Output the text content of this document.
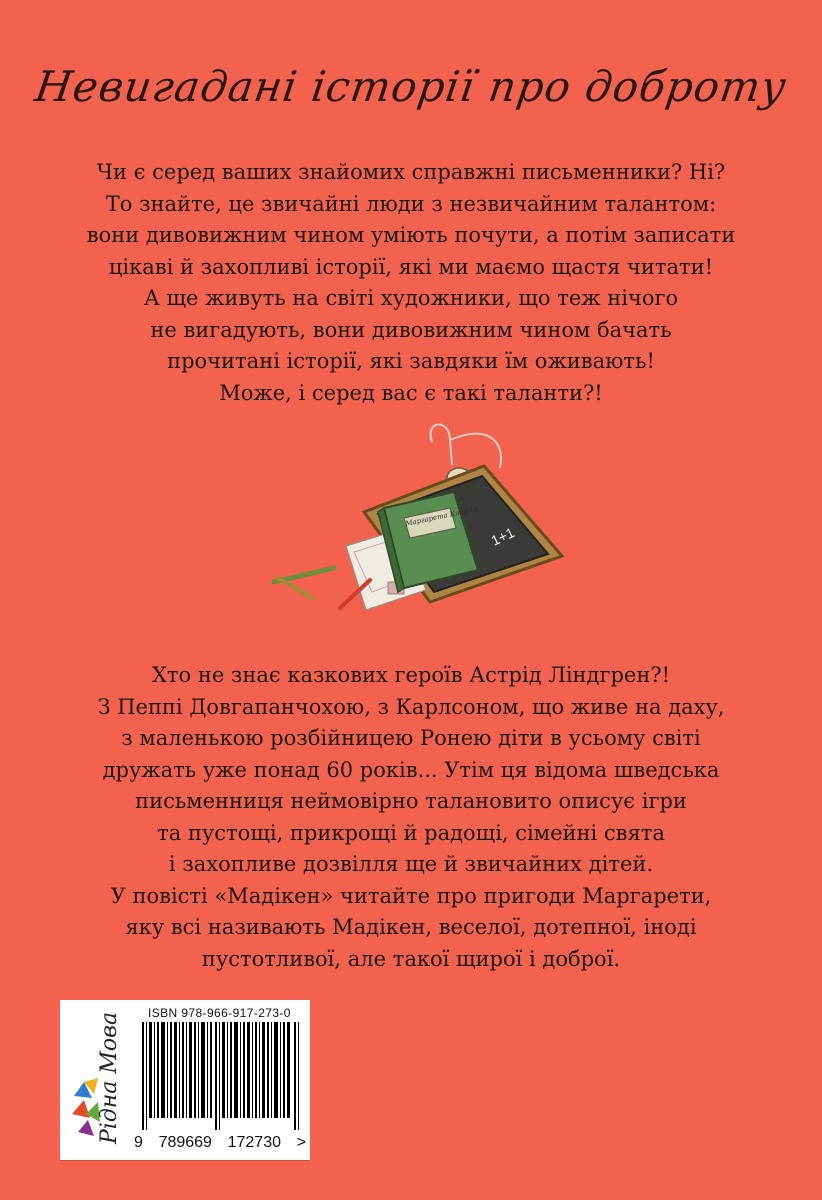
Невигадані історії про доброту
Чи є серед ваших знайомих справжні письменники? Ні?
То знайте, це звичайні люди з незвичайним талантом:
вони дивовижним чином уміють почути, а потім записати
цікаві й захопливі історії, які ми маємо щастя читати!
А ще живуть на світі художники, що теж нічого
не вигадують, вони дивовижним чином бачать
прочитані історії, які завдяки їм оживають!
Може, і серед вас є такі таланти?!
1+1
Маргарета Клас 1а
Хто не знає казкових героїв Астрід Ліндгрен?!
З Пеппі Довгапанчохою, з Карлсоном, що живе на даху,
з маленькою розбійницею Ронею діти в усьому світі
дружать уже понад 60 років... Утім ця відома шведська
письменниця неймовірно талановито описує ігри
та пустощі, прикрощі й радощі, сімейні свята
і захопливе дозвілля ще й звичайних дітей.
У повісті «Мадікен» читайте про пригоди Маргарети,
яку всі називають Мадікен, веселої, дотепної, іноді
пустотливої, але такої щирої і доброї.
Рідна Мова ISBN 978-966-917-273-0
9 789669 172730 >
